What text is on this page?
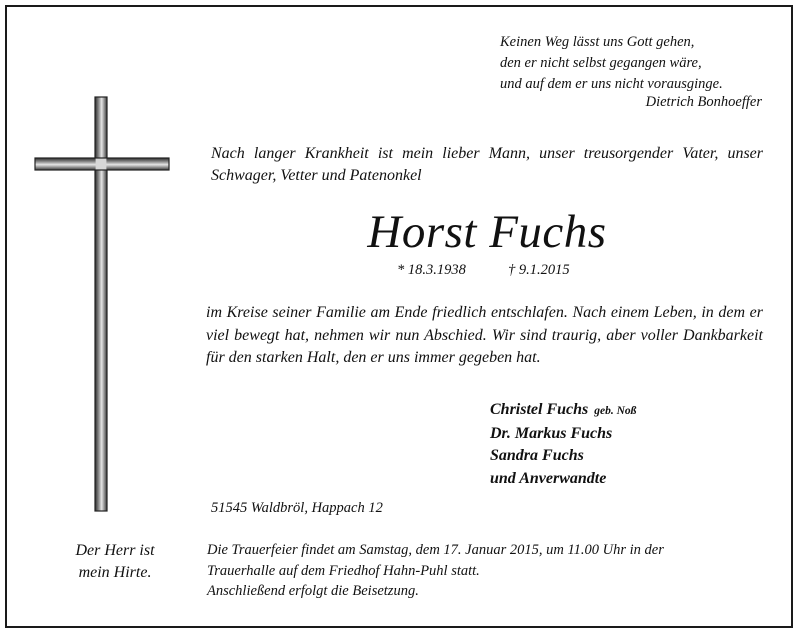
Keinen Weg lässt uns Gott gehen,
den er nicht selbst gegangen wäre,
und auf dem er uns nicht vorausginge.
Dietrich Bonhoeffer
Nach langer Krankheit ist mein lieber Mann, unser treusorgender Vater, unser Schwager, Vetter und Patenonkel
Horst Fuchs
* 18.3.1938	† 9.1.2015
im Kreise seiner Familie am Ende friedlich entschlafen. Nach einem Leben, in dem er viel bewegt hat, nehmen wir nun Abschied. Wir sind traurig, aber voller Dankbarkeit für den starken Halt, den er uns immer gegeben hat.
Christel Fuchs geb. Noß
Dr. Markus Fuchs
Sandra Fuchs
und Anverwandte
51545 Waldbröl, Happach 12
Der Herr ist
mein Hirte.
Die Trauerfeier findet am Samstag, dem 17. Januar 2015, um 11.00 Uhr in der
Trauerhalle auf dem Friedhof Hahn-Puhl statt.
Anschließend erfolgt die Beisetzung.
